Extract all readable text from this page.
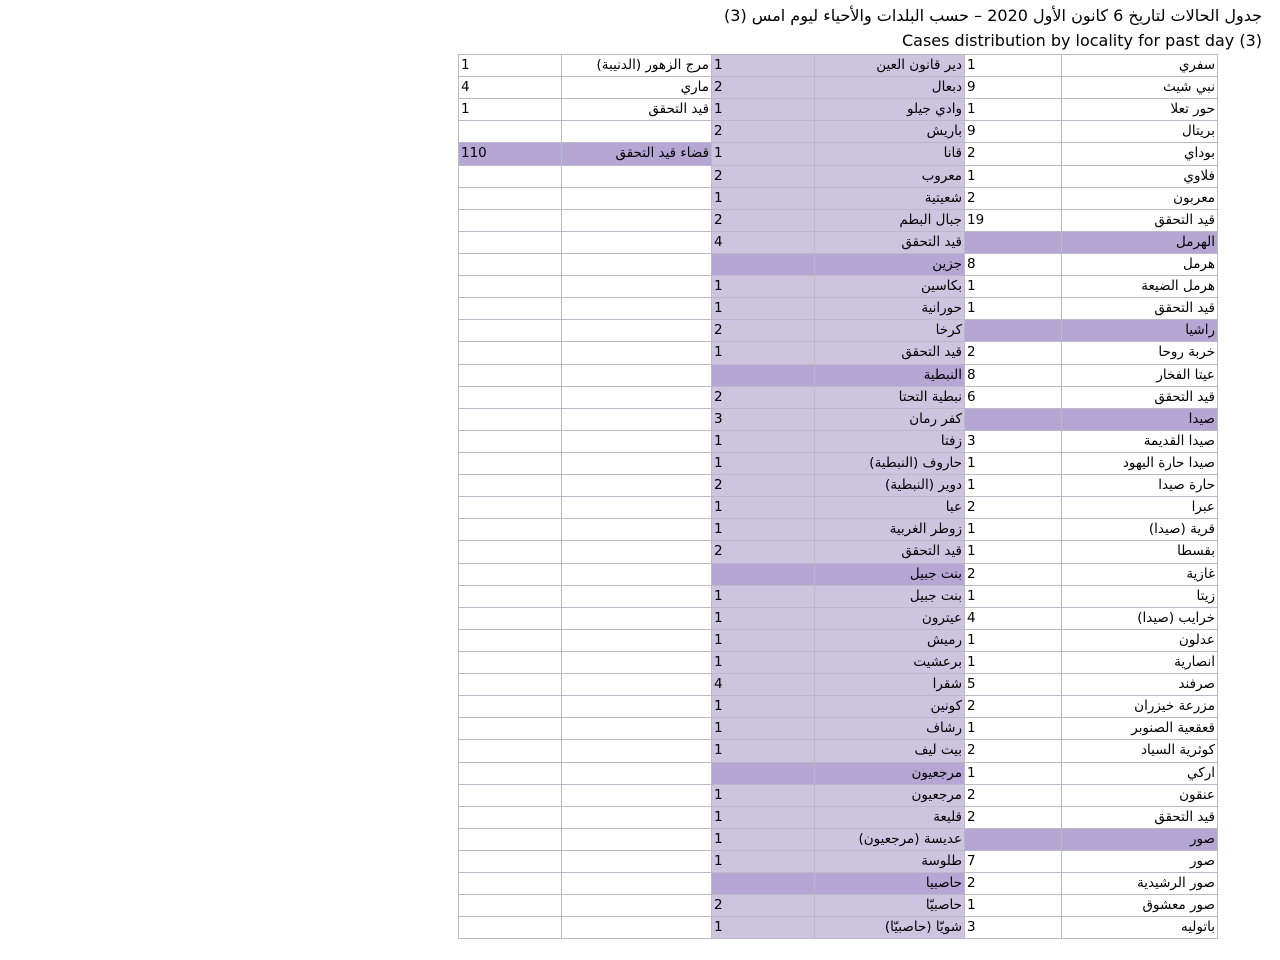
جدول الحالات لتاريخ 6 كانون الأول 2020 – حسب البلدات والأحياء ليوم امس (3)
Cases distribution by locality for past day (3)
سفري	1	دير قانون العين	1	مرج الزهور (الدنيبة)	1
نبي شيث	9	دبعال	2	ماري	4
حور تعلا	1	وادي جيلو	1	قيد التحقق	1
بريتال	9	باريش	2		
بوداي	2	قانا	1	قضاء قيد التحقق	110
فلاوي	1	معروب	2		
معربون	2	شعيتية	1		
قيد التحقق	19	جبال البطم	2		
الهرمل		قيد التحقق	4		
هرمل	8	جزين			
هرمل الضيعة	1	بكاسين	1		
قيد التحقق	1	حورانية	1		
راشيا		كرخا	2		
خربة روحا	2	قيد التحقق	1		
عيتا الفخار	8	النبطية			
قيد التحقق	6	نبطية التحتا	2		
صيدا		كفر رمان	3		
صيدا القديمة	3	زفتا	1		
صيدا حارة اليهود	1	حاروف (النبطية)	1		
حارة صيدا	1	دوير (النبطية)	2		
عبرا	2	عبا	1		
قرية (صيدا)	1	زوطر الغربية	1		
بقسطا	1	قيد التحقق	2		
غازية	2	بنت جبيل			
زيتا	1	بنت جبيل	1		
خرايب (صيدا)	4	عيترون	1		
عدلون	1	رميش	1		
انصارية	1	برعشيت	1		
صرفند	5	شقرا	4		
مزرعة خيزران	2	كونين	1		
قعقعية الصنوبر	1	رشاف	1		
كوثرية السياد	2	بيت ليف	1		
اركي	1	مرجعيون			
عنقون	2	مرجعيون	1		
قيد التحقق	2	قليعة	1		
صور		عديسة (مرجعيون)	1		
صور	7	طلوسة	1		
صور الرشيدية	2	حاصبيا			
صور معشوق	1	حاصبيّا	2		
باتوليه	3	شويّا (حاصبيّا)	1		
